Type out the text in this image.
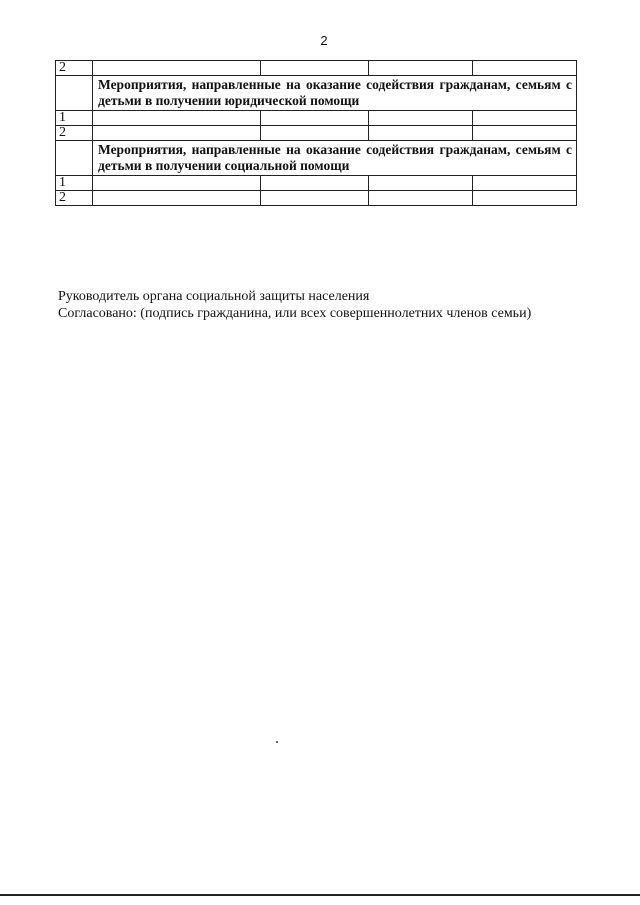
2
2				
	Мероприятия, направленные на оказание содействия гражданам, семьям с детьми в получении юридической помощи			
1				
2				
	Мероприятия, направленные на оказание содействия гражданам, семьям с детьми в получении социальной помощи			
1				
2				
Руководитель органа социальной защиты населения
Согласовано: (подпись гражданина, или всех совершеннолетних членов семьи)
